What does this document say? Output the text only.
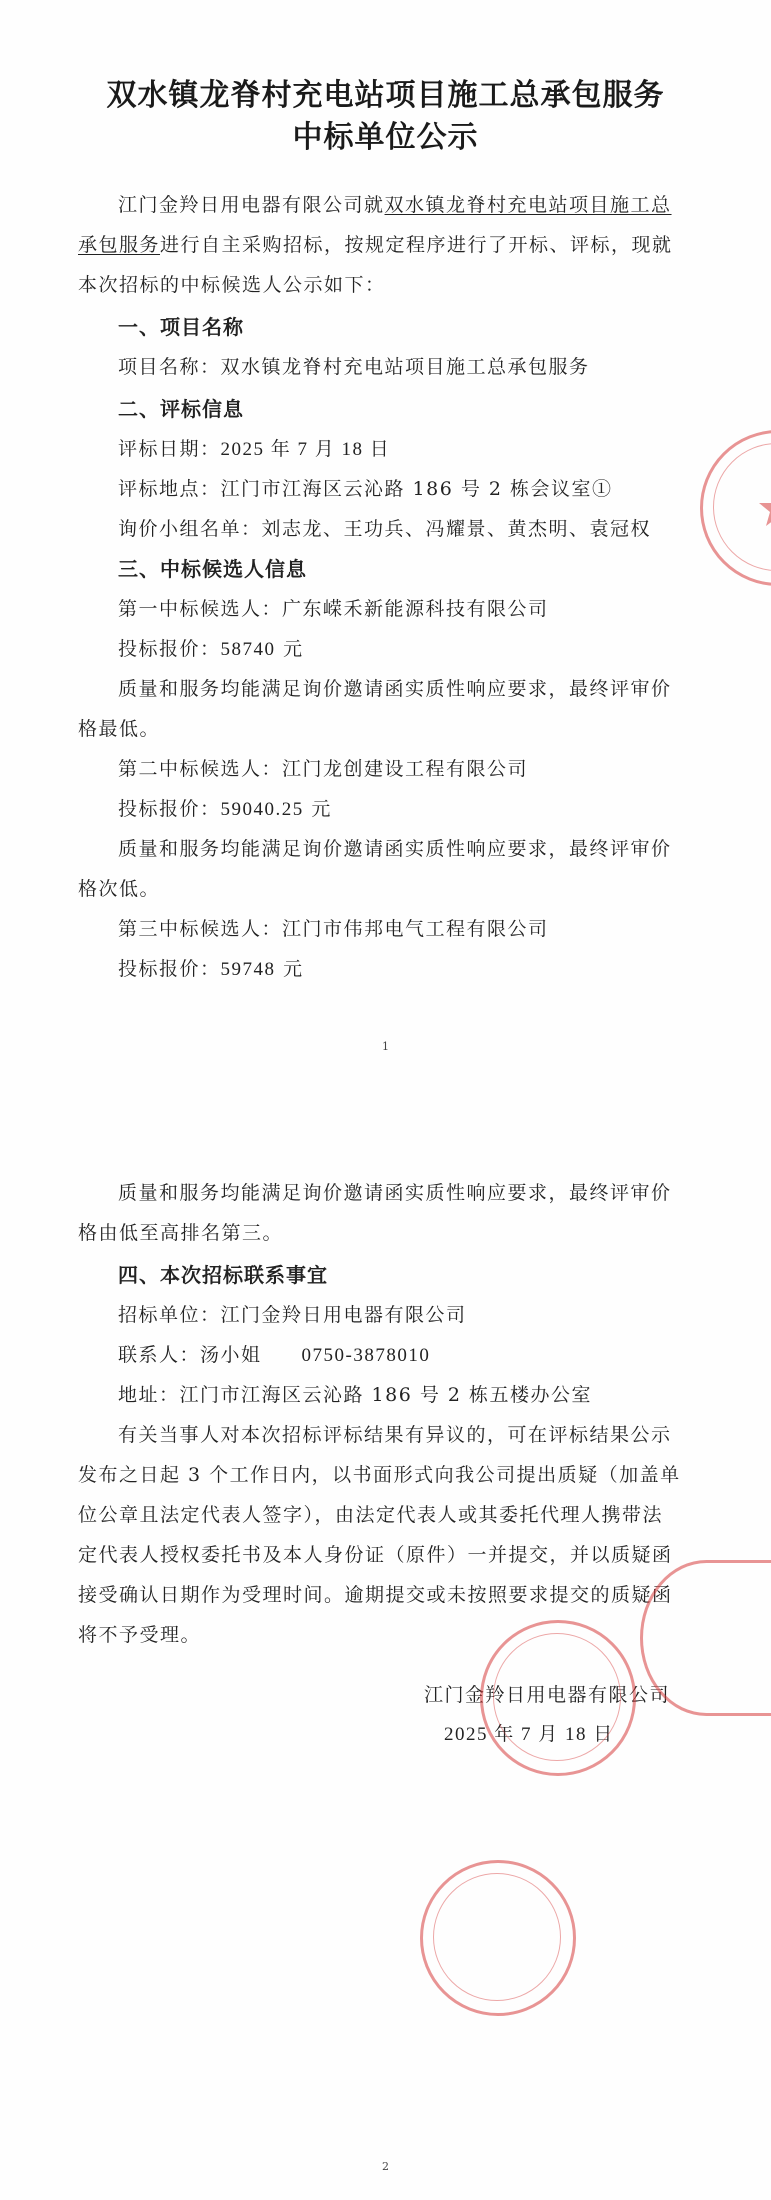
双水镇龙脊村充电站项目施工总承包服务
中标单位公示
江门金羚日用电器有限公司就双水镇龙脊村充电站项目施工总
承包服务进行自主采购招标，按规定程序进行了开标、评标，现就
本次招标的中标候选人公示如下：
一、项目名称
项目名称：双水镇龙脊村充电站项目施工总承包服务
二、评标信息
评标日期：2025 年 7 月 18 日
评标地点：江门市江海区云沁路 186 号 2 栋会议室①
询价小组名单：刘志龙、王功兵、冯耀景、黄杰明、袁冠权
三、中标候选人信息
第一中标候选人：广东嵘禾新能源科技有限公司
投标报价：58740 元
质量和服务均能满足询价邀请函实质性响应要求，最终评审价
格最低。
第二中标候选人：江门龙创建设工程有限公司
投标报价：59040.25 元
质量和服务均能满足询价邀请函实质性响应要求，最终评审价
格次低。
第三中标候选人：江门市伟邦电气工程有限公司
投标报价：59748 元
1
质量和服务均能满足询价邀请函实质性响应要求，最终评审价
格由低至高排名第三。
四、本次招标联系事宜
招标单位：江门金羚日用电器有限公司
联系人：汤小姐 0750-3878010
地址：江门市江海区云沁路 186 号 2 栋五楼办公室
有关当事人对本次招标评标结果有异议的，可在评标结果公示
发布之日起 3 个工作日内，以书面形式向我公司提出质疑（加盖单
位公章且法定代表人签字），由法定代表人或其委托代理人携带法
定代表人授权委托书及本人身份证（原件）一并提交，并以质疑函
接受确认日期作为受理时间。逾期提交或未按照要求提交的质疑函
将不予受理。
江门金羚日用电器有限公司
2025 年 7 月 18 日
2
